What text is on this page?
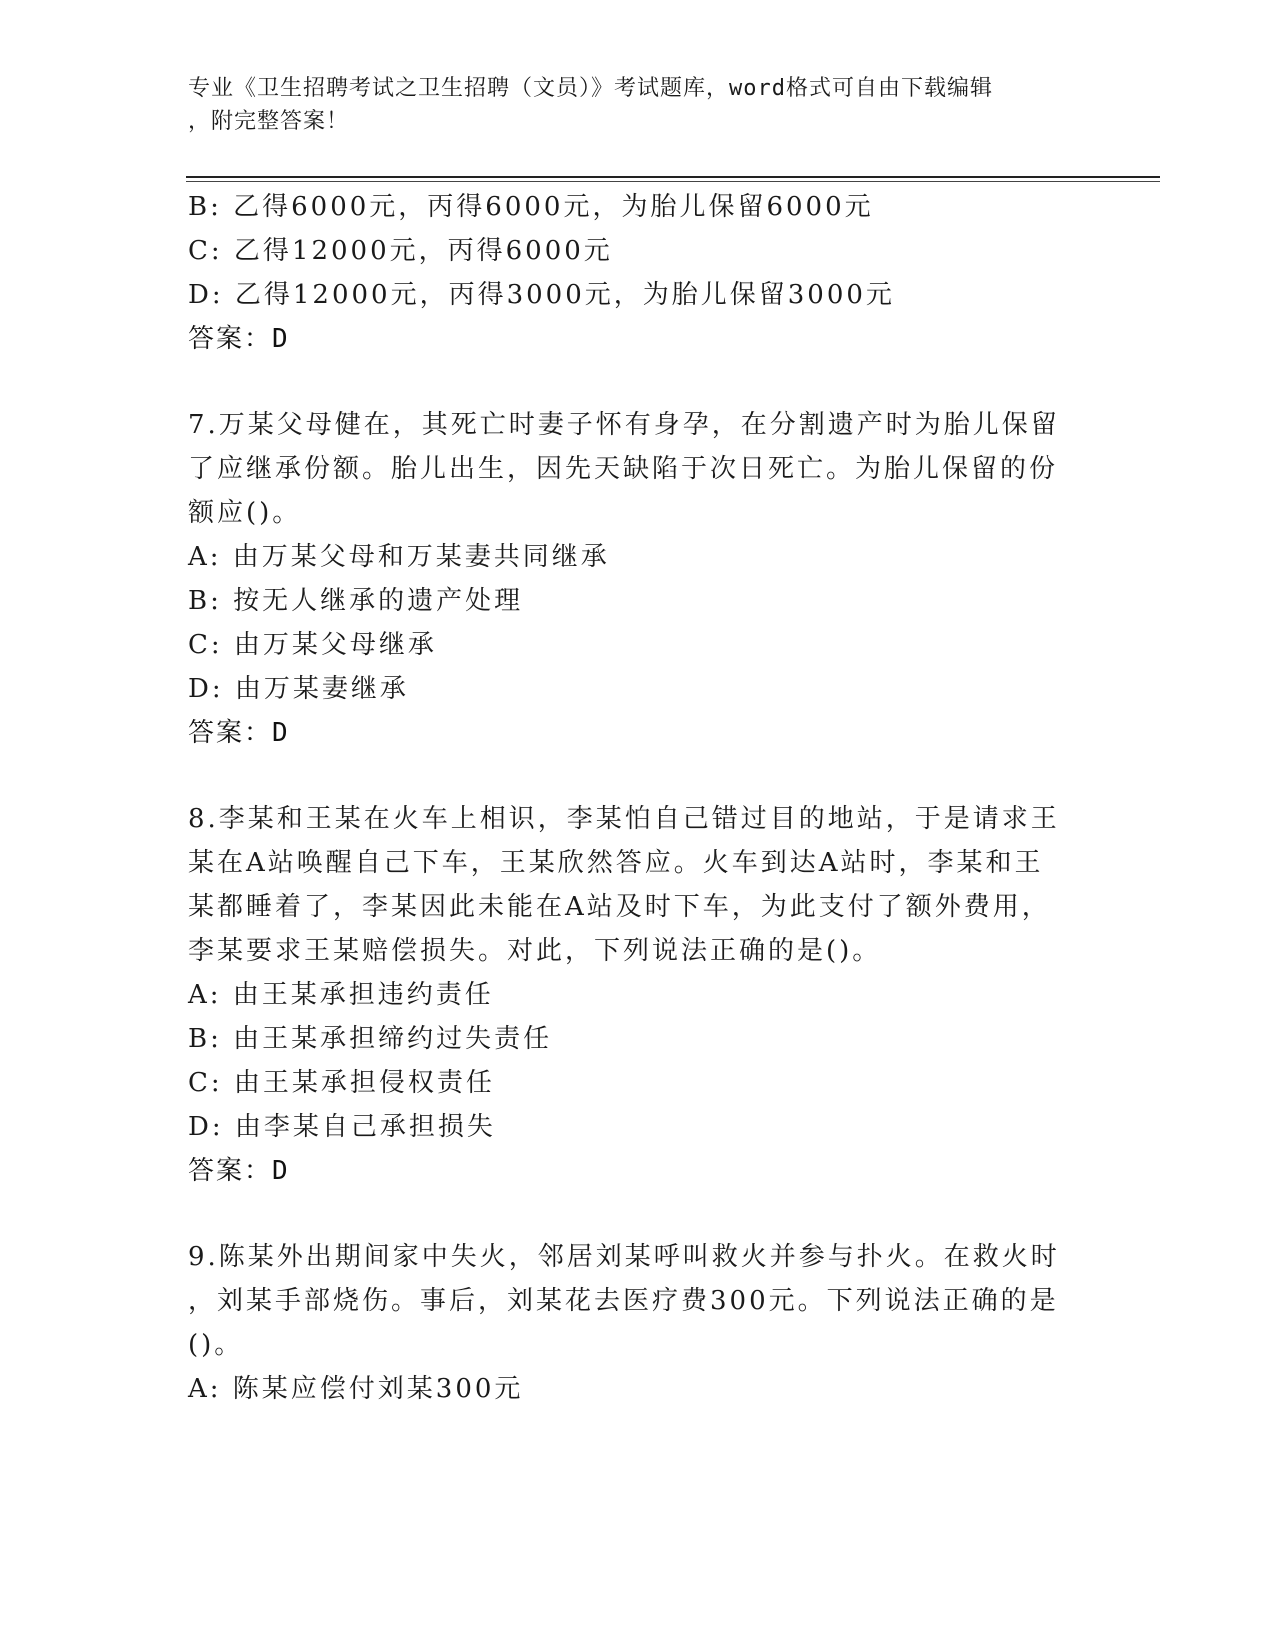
专业《卫生招聘考试之卫生招聘（文员）》考试题库，word格式可自由下载编辑
，附完整答案！
B: 乙得6000元，丙得6000元，为胎儿保留6000元
C: 乙得12000元，丙得6000元
D: 乙得12000元，丙得3000元，为胎儿保留3000元
答案：D
7.万某父母健在，其死亡时妻子怀有身孕，在分割遗产时为胎儿保留
了应继承份额。胎儿出生，因先天缺陷于次日死亡。为胎儿保留的份
额应()。
A: 由万某父母和万某妻共同继承
B: 按无人继承的遗产处理
C: 由万某父母继承
D: 由万某妻继承
答案：D
8.李某和王某在火车上相识，李某怕自己错过目的地站，于是请求王
某在A站唤醒自己下车，王某欣然答应。火车到达A站时，李某和王
某都睡着了，李某因此未能在A站及时下车，为此支付了额外费用，
李某要求王某赔偿损失。对此，下列说法正确的是()。
A: 由王某承担违约责任
B: 由王某承担缔约过失责任
C: 由王某承担侵权责任
D: 由李某自己承担损失
答案：D
9.陈某外出期间家中失火，邻居刘某呼叫救火并参与扑火。在救火时
，刘某手部烧伤。事后，刘某花去医疗费300元。下列说法正确的是
()。
A: 陈某应偿付刘某300元
